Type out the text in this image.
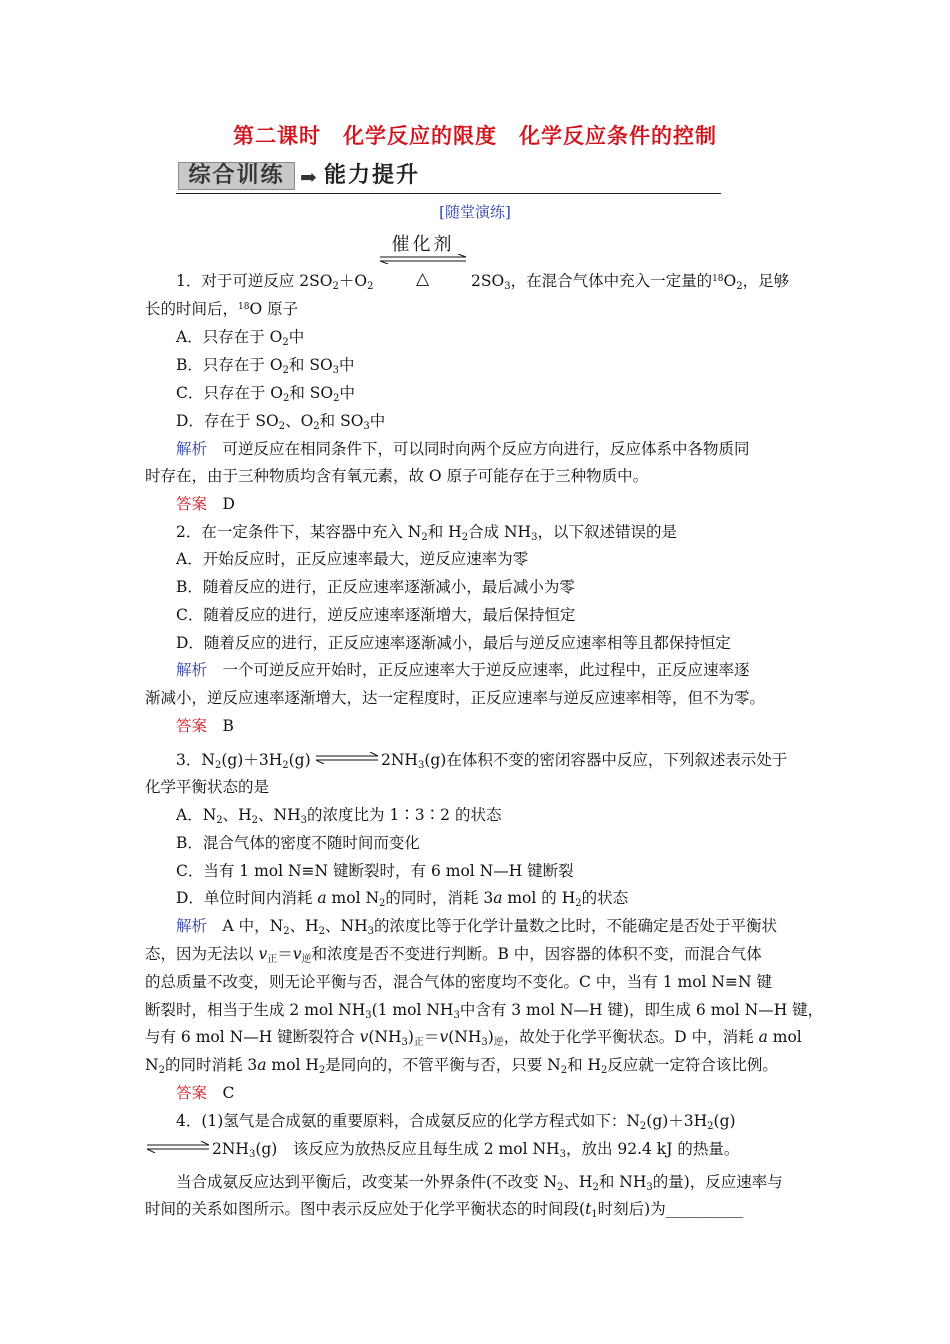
第二课时　化学反应的限度　化学反应条件的控制
综合训练 ➡ 能力提升
[随堂演练]
催化剂
1．对于可逆反应 $2SO_2+O_2$	△	$2SO_3$，在混合气体中充入一定量的$^{18}O_2$，足够
长的时间后，$^{18}$O 原子
A．只存在于 $O_2$中
B．只存在于 $O_2$和 $SO_3$中
C．只存在于 $O_2$和 $SO_2$中
D．存在于 $SO_2$、$O_2$和 $SO_3$中
解析　 可逆反应在相同条件下，可以同时向两个反应方向进行，反应体系中各物质同
时存在，由于三种物质均含有氧元素，故 O 原子可能存在于三种物质中。
答案　 D
2．在一定条件下，某容器中充入 $N_2$和 $H_2$合成 $NH_3$，以下叙述错误的是
A．开始反应时，正反应速率最大，逆反应速率为零
B．随着反应的进行，正反应速率逐渐减小，最后减小为零
C．随着反应的进行，逆反应速率逐渐增大，最后保持恒定
D．随着反应的进行，正反应速率逐渐减小，最后与逆反应速率相等且都保持恒定
解析　 一个可逆反应开始时，正反应速率大于逆反应速率，此过程中，正反应速率逐
渐减小，逆反应速率逐渐增大，达一定程度时，正反应速率与逆反应速率相等，但不为零。
答案　 B
3．$N_2(g)+3H_2(g)$	$2NH_3(g)$在体积不变的密闭容器中反应，下列叙述表示处于
化学平衡状态的是
A．$N_2$、$H_2$、$NH_3$的浓度比为 1∶3∶2 的状态
B．混合气体的密度不随时间而变化
C．当有 1 mol N≡N 键断裂时，有 6 mol N—H 键断裂
D．单位时间内消耗 a mol $N_2$的同时，消耗 3a mol 的 $H_2$的状态
解析　 A 中，$N_2$、$H_2$、$NH_3$的浓度比等于化学计量数之比时，不能确定是否处于平衡状
态，因为无法以 $v_正=v_逆$和浓度是否不变进行判断。B 中，因容器的体积不变，而混合气体
的总质量不改变，则无论平衡与否，混合气体的密度均不变化。C 中，当有 1 mol N≡N 键
断裂时，相当于生成 2 mol $NH_3(1$ mol $NH_3$中含有 3 mol N—H 键)，即生成 6 mol N—H 键，
与有 6 mol N—H 键断裂符合 $v(NH_3)_正=v(NH_3)_逆$，故处于化学平衡状态。D 中，消耗 a mol
$N_2$的同时消耗 3a mol $H_2$是同向的，不管平衡与否，只要 $N_2$和 $H_2$反应就一定符合该比例。
答案　 C
4．(1)氢气是合成氨的重要原料，合成氨反应的化学方程式如下：$N_2(g)+3H_2(g)$
$2NH_3(g)$　该反应为放热反应且每生成 2 mol $NH_3$，放出 92.4 kJ 的热量。
当合成氨反应达到平衡后，改变某一外界条件(不改变 $N_2$、$H_2$和 $NH_3$的量)，反应速率与
时间的关系如图所示。图中表示反应处于化学平衡状态的时间段($t_1$时刻后)为__________
